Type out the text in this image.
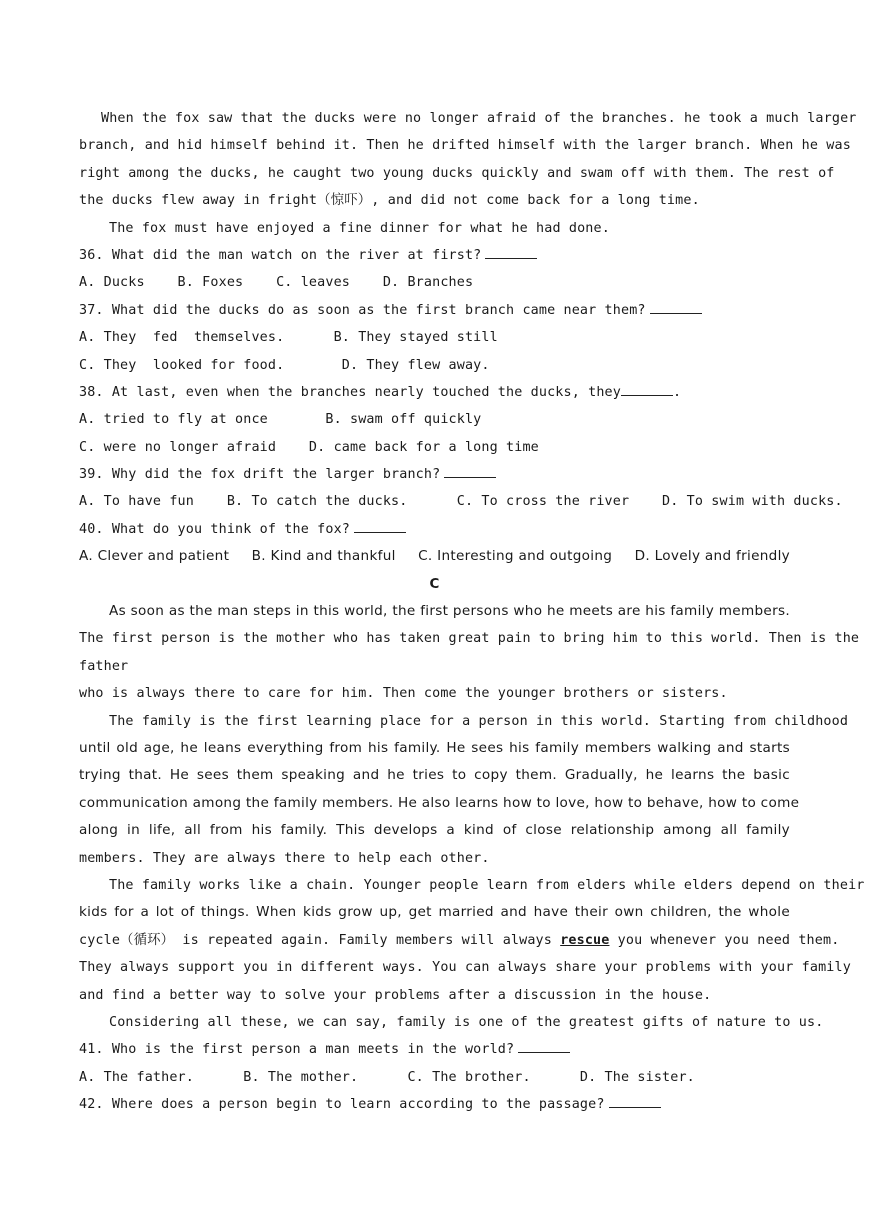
When the fox saw that the ducks were no longer afraid of the branches. he took a much larger
branch, and hid himself behind it. Then he drifted himself with the larger branch. When he was
right among the ducks, he caught two young ducks quickly and swam off with them. The rest of
the ducks flew away in fright（惊吓）, and did not come back for a long time.
The fox must have enjoyed a fine dinner for what he had done.
36. What did the man watch on the river at first?
A. Ducks    B. Foxes    C. leaves    D. Branches
37. What did the ducks do as soon as the first branch came near them?
A. They  fed  themselves.      B. They stayed still
C. They  looked for food.       D. They flew away.
38. At last, even when the branches nearly touched the ducks, they	.
A. tried to fly at once       B. swam off quickly
C. were no longer afraid    D. came back for a long time
39. Why did the fox drift the larger branch?
A. To have fun    B. To catch the ducks.      C. To cross the river    D. To swim with ducks.
40. What do you think of the fox?
A. Clever and patient B. Kind and thankful C. Interesting and outgoing D. Lovely and friendly
C
As soon as the man steps in this world, the first persons who he meets are his family members.
The first person is the mother who has taken great pain to bring him to this world. Then is the
father
who is always there to care for him. Then come the younger brothers or sisters.
The family is the first learning place for a person in this world. Starting from childhood
until old age, he leans everything from his family. He sees his family members walking and starts
trying that. He sees them speaking and he tries to copy them. Gradually, he learns the basic
communication among the family members. He also learns how to love, how to behave, how to come
along in life, all from his family. This develops a kind of close relationship among all family
members. They are always there to help each other.
The family works like a chain. Younger people learn from elders while elders depend on their
kids for a lot of things. When kids grow up, get married and have their own children, the whole
cycle（循环） is repeated again. Family members will always rescue you whenever you need them.
They always support you in different ways. You can always share your problems with your family
and find a better way to solve your problems after a discussion in the house.
Considering all these, we can say, family is one of the greatest gifts of nature to us.
41. Who is the first person a man meets in the world?
A. The father.      B. The mother.      C. The brother.      D. The sister.
42. Where does a person begin to learn according to the passage?
